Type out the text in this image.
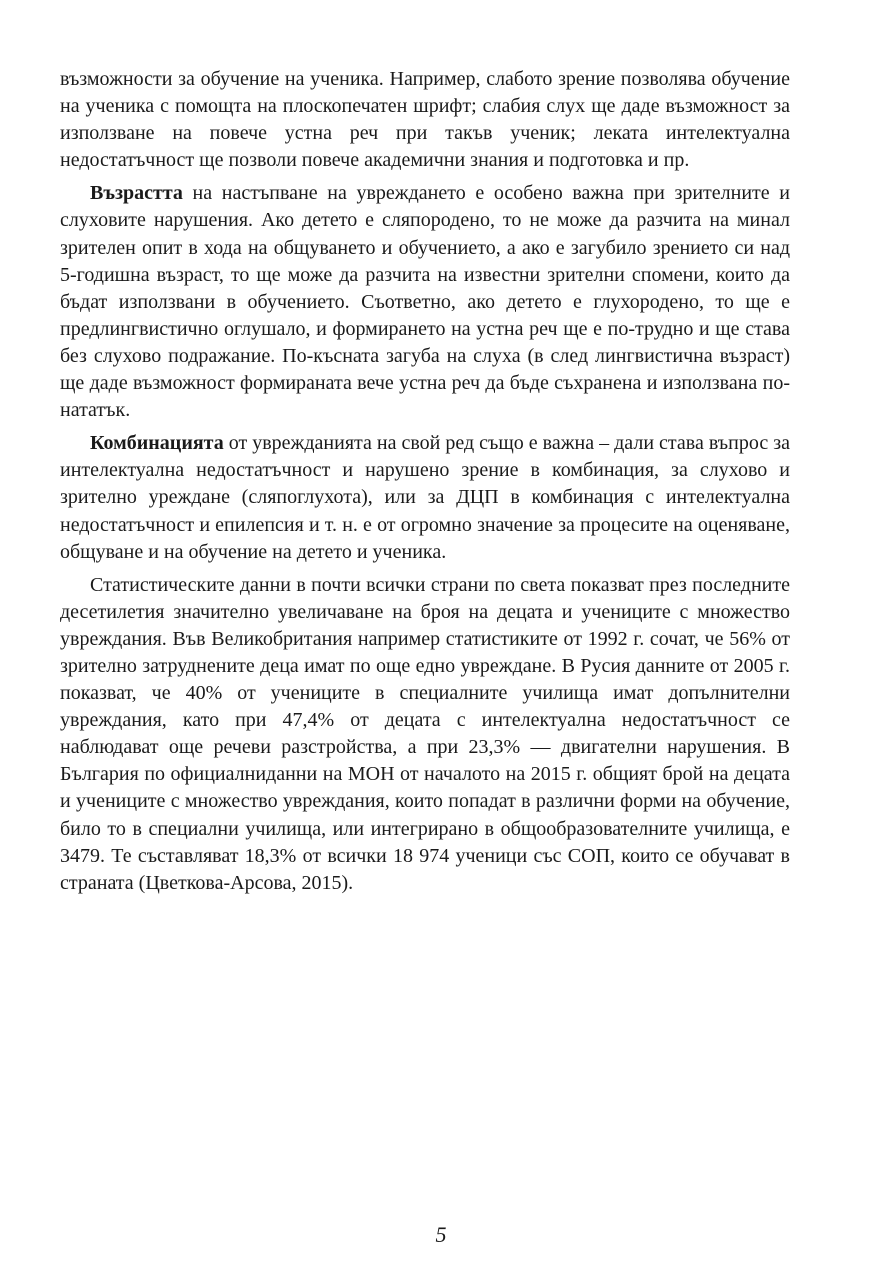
възможности за обучение на ученика. Например, слабото зрение позволява обучение на ученика с помощта на плоскопечатен шрифт; слабия слух ще даде възможност за използване на повече устна реч при такъв ученик; леката интелектуална недостатъчност ще позволи повече академични знания и подготовка и пр.

Възрастта на настъпване на увреждането е особено важна при зрителните и слуховите нарушения. Ако детето е сляпородено, то не може да разчита на минал зрителен опит в хода на общуването и обучението, а ако е загубило зрението си над 5-годишна възраст, то ще може да разчита на известни зрителни спомени, които да бъдат използвани в обучението. Съответно, ако детето е глухородено, то ще е предлингвистично оглушало, и формирането на устна реч ще е по-трудно и ще става без слухово подражание. По-късната загуба на слуха (в след лингвистична възраст) ще даде възможност формираната вече устна реч да бъде съхранена и използвана по-нататък.

Комбинацията от уврежданията на свой ред също е важна – дали става въпрос за интелектуална недостатъчност и нарушено зрение в комбинация, за слухово и зрително уреждане (сляпоглухота), или за ДЦП в комбинация с интелектуална недостатъчност и епилепсия и т. н. е от огромно значение за процесите на оценяване, общуване и на обучение на детето и ученика.

Статистическите данни в почти всички страни по света показват през последните десетилетия значително увеличаване на броя на децата и учениците с множество увреждания. Във Великобритания например статистиките от 1992 г. сочат, че 56% от зрително затруднените деца имат по още едно увреждане. В Русия данните от 2005 г. показват, че 40% от учениците в специалните училища имат допълнителни увреждания, като при 47,4% от децата с интелектуална недостатъчност се наблюдават още речеви разстройства, а при 23,3% — двигателни нарушения. В България по официалниданни на МОН от началото на 2015 г. общият брой на децата и учениците с множество увреждания, които попадат в различни форми на обучение, било то в специални училища, или интегрирано в общообразователните училища, е 3479. Те съставляват 18,3% от всички 18 974 ученици със СОП, които се обучават в страната (Цветкова-Арсова, 2015).

5
